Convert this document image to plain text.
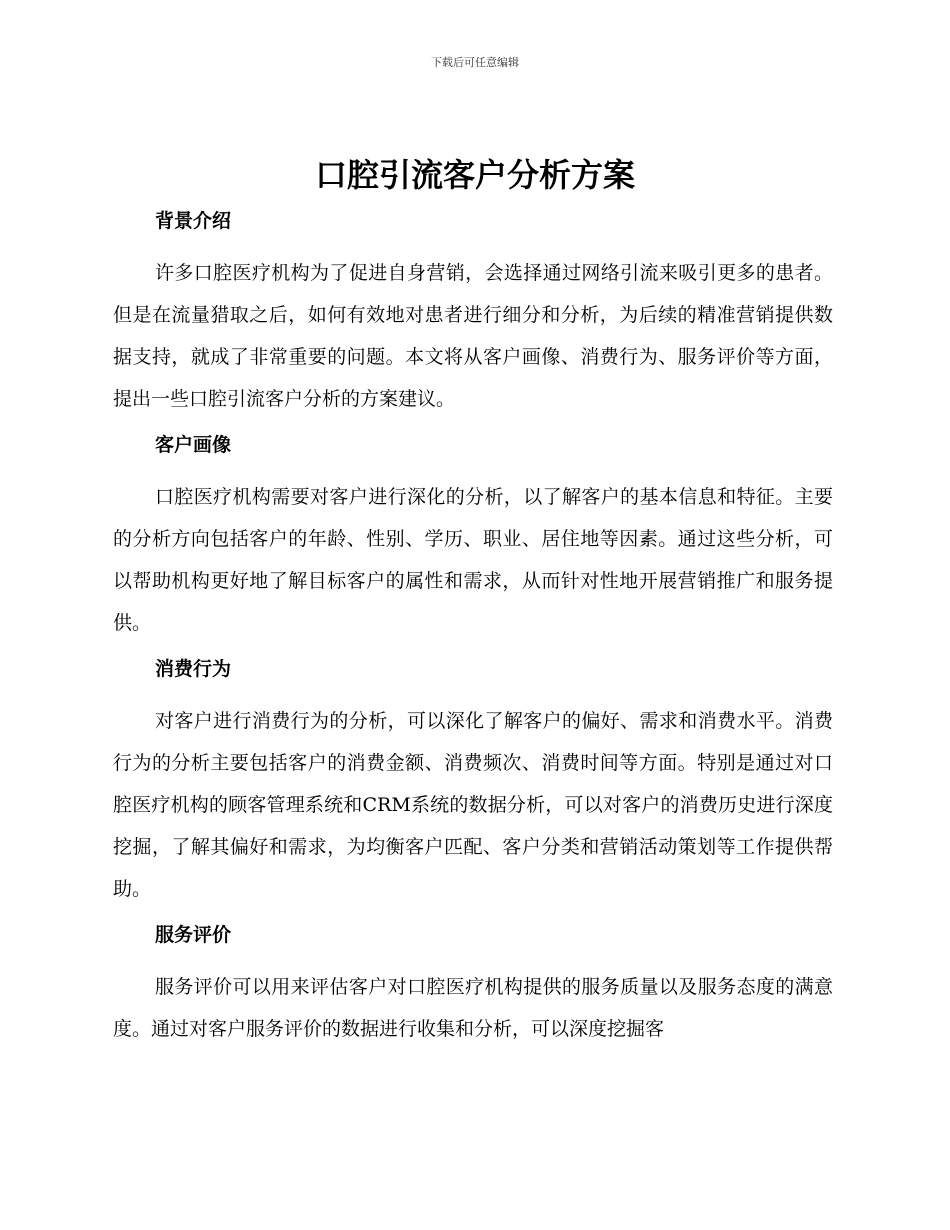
下载后可任意编辑
口腔引流客户分析方案
背景介绍

许多口腔医疗机构为了促进自身营销，会选择通过网络引流来吸引更多的患者。但是在流量猎取之后，如何有效地对患者进行细分和分析，为后续的精准营销提供数据支持，就成了非常重要的问题。本文将从客户画像、消费行为、服务评价等方面，提出一些口腔引流客户分析的方案建议。

客户画像

口腔医疗机构需要对客户进行深化的分析，以了解客户的基本信息和特征。主要的分析方向包括客户的年龄、性别、学历、职业、居住地等因素。通过这些分析，可以帮助机构更好地了解目标客户的属性和需求，从而针对性地开展营销推广和服务提供。

消费行为

对客户进行消费行为的分析，可以深化了解客户的偏好、需求和消费水平。消费行为的分析主要包括客户的消费金额、消费频次、消费时间等方面。特别是通过对口腔医疗机构的顾客管理系统和CRM系统的数据分析，可以对客户的消费历史进行深度挖掘，了解其偏好和需求，为均衡客户匹配、客户分类和营销活动策划等工作提供帮助。

服务评价

服务评价可以用来评估客户对口腔医疗机构提供的服务质量以及服务态度的满意度。通过对客户服务评价的数据进行收集和分析，可以深度挖掘客
